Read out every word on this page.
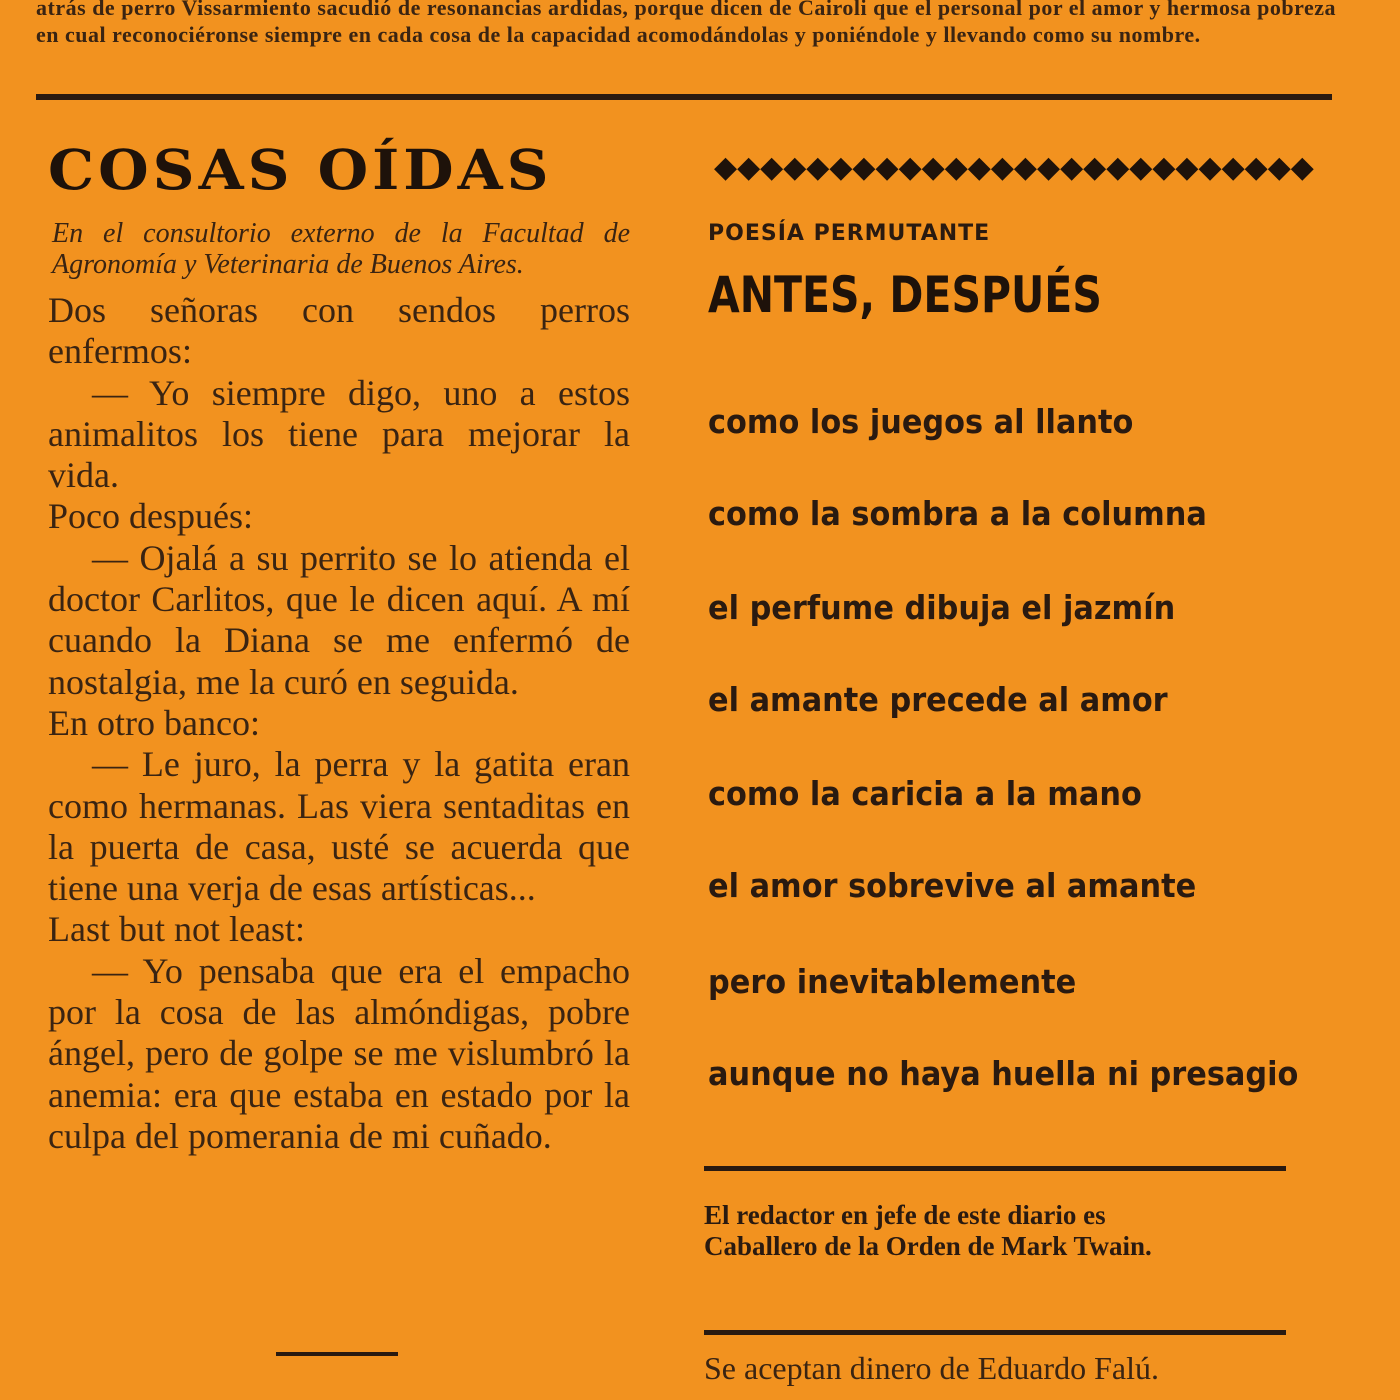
atrás de perro Vissarmiento sacudió de resonancias ardidas, porque dicen de Cairoli que el personal por el amor y hermosa pobreza en cual reconociéronse siempre en cada cosa de la capacidad acomodándolas y poniéndole y llevando como su nombre.
COSAS OÍDAS
En el consultorio externo de la Facultad de Agronomía y Veterinaria de Buenos Aires.

Dos señoras con sendos perros enfermos:

— Yo siempre digo, uno a estos animalitos los tiene para mejorar la vida.

Poco después:

— Ojalá a su perrito se lo atienda el doctor Carlitos, que le dicen aquí. A mí cuando la Diana se me enfermó de nostalgia, me la curó en seguida.

En otro banco:

— Le juro, la perra y la gatita eran como hermanas. Las viera sentaditas en la puerta de casa, usté se acuerda que tiene una verja de esas artísticas...

Last but not least:

— Yo pensaba que era el empacho por la cosa de las almóndigas, pobre ángel, pero de golpe se me vislumbró la anemia: era que estaba en estado por la culpa del pomerania de mi cuñado.

◆◆◆◆◆◆◆◆◆◆◆◆◆◆◆◆◆◆◆◆◆◆◆◆◆◆
POESÍA PERMUTANTE
ANTES, DESPUÉS
como los juegos al llanto
como la sombra a la columna
el perfume dibuja el jazmín
el amante precede al amor
como la caricia a la mano
el amor sobrevive al amante
pero inevitablemente
aunque no haya huella ni presagio
El redactor en jefe de este diario es Caballero de la Orden de Mark Twain.
Se aceptan dinero de Eduardo Falú.
